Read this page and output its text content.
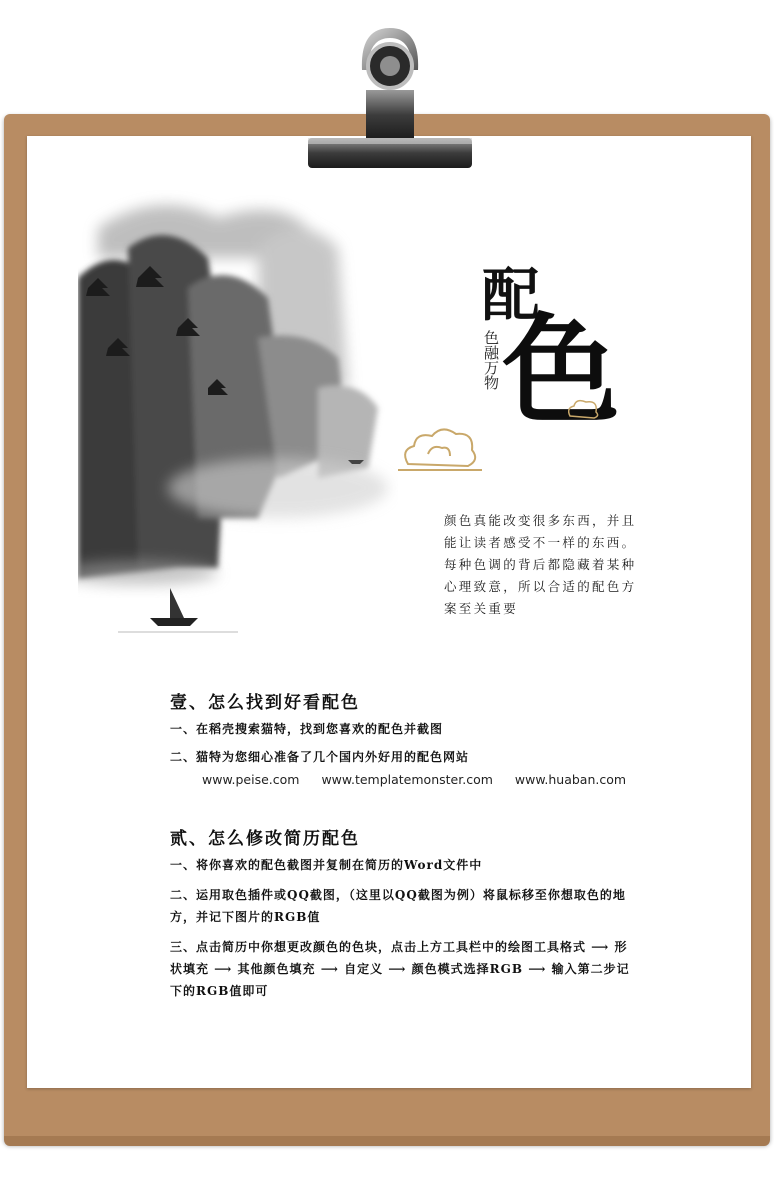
配
色融万物 色
颜色真能改变很多东西，并且能让读者感受不一样的东西。每种色调的背后都隐藏着某种心理致意，所以合适的配色方案至关重要
壹、怎么找到好看配色
一、在稻壳搜索猫特，找到您喜欢的配色并截图
二、猫特为您细心准备了几个国内外好用的配色网站
www.peise.com www.templatemonster.com www.huaban.com
贰、怎么修改简历配色
一、将你喜欢的配色截图并复制在简历的Word文件中
二、运用取色插件或QQ截图，（这里以QQ截图为例）将鼠标移至你想取色的地方，并记下图片的RGB值
三、点击简历中你想更改颜色的色块，点击上方工具栏中的绘图工具格式 ⟶ 形状填充 ⟶ 其他颜色填充 ⟶ 自定义 ⟶ 颜色模式选择RGB ⟶ 输入第二步记下的RGB值即可
